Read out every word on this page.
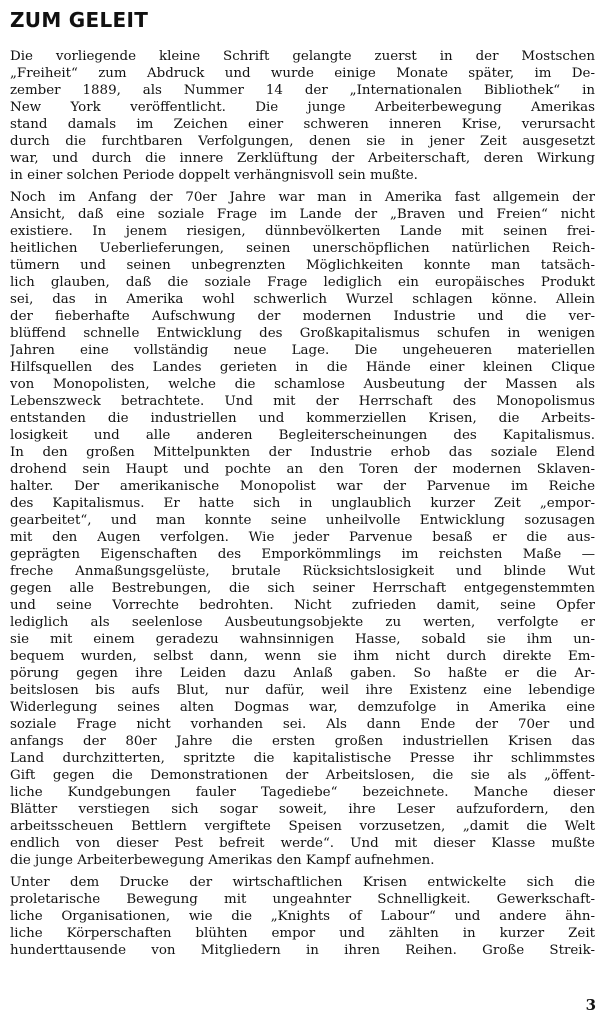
ZUM GELEIT
Die vorliegende kleine Schrift gelangte zuerst in der Mostschen
„Freiheit“ zum Abdruck und wurde einige Monate später, im De-
zember 1889, als Nummer 14 der „Internationalen Bibliothek“ in
New York veröffentlicht. Die junge Arbeiterbewegung Amerikas
stand damals im Zeichen einer schweren inneren Krise, verursacht
durch die furchtbaren Verfolgungen, denen sie in jener Zeit ausgesetzt
war, und durch die innere Zerklüftung der Arbeiterschaft, deren Wirkung
in einer solchen Periode doppelt verhängnisvoll sein mußte.
Noch im Anfang der 70er Jahre war man in Amerika fast allgemein der
Ansicht, daß eine soziale Frage im Lande der „Braven und Freien“ nicht
existiere. In jenem riesigen, dünnbevölkerten Lande mit seinen frei-
heitlichen Ueberlieferungen, seinen unerschöpflichen natürlichen Reich-
tümern und seinen unbegrenzten Möglichkeiten konnte man tatsäch-
lich glauben, daß die soziale Frage lediglich ein europäisches Produkt
sei, das in Amerika wohl schwerlich Wurzel schlagen könne. Allein
der fieberhafte Aufschwung der modernen Industrie und die ver-
blüffend schnelle Entwicklung des Großkapitalismus schufen in wenigen
Jahren eine vollständig neue Lage. Die ungeheueren materiellen
Hilfsquellen des Landes gerieten in die Hände einer kleinen Clique
von Monopolisten, welche die schamlose Ausbeutung der Massen als
Lebenszweck betrachtete. Und mit der Herrschaft des Monopolismus
entstanden die industriellen und kommerziellen Krisen, die Arbeits-
losigkeit und alle anderen Begleiterscheinungen des Kapitalismus.
In den großen Mittelpunkten der Industrie erhob das soziale Elend
drohend sein Haupt und pochte an den Toren der modernen Sklaven-
halter. Der amerikanische Monopolist war der Parvenue im Reiche
des Kapitalismus. Er hatte sich in unglaublich kurzer Zeit „empor-
gearbeitet“, und man konnte seine unheilvolle Entwicklung sozusagen
mit den Augen verfolgen. Wie jeder Parvenue besaß er die aus-
geprägten Eigenschaften des Emporkömmlings im reichsten Maße —
freche Anmaßungsgelüste, brutale Rücksichtslosigkeit und blinde Wut
gegen alle Bestrebungen, die sich seiner Herrschaft entgegenstemmten
und seine Vorrechte bedrohten. Nicht zufrieden damit, seine Opfer
lediglich als seelenlose Ausbeutungsobjekte zu werten, verfolgte er
sie mit einem geradezu wahnsinnigen Hasse, sobald sie ihm un-
bequem wurden, selbst dann, wenn sie ihm nicht durch direkte Em-
pörung gegen ihre Leiden dazu Anlaß gaben. So haßte er die Ar-
beitslosen bis aufs Blut, nur dafür, weil ihre Existenz eine lebendige
Widerlegung seines alten Dogmas war, demzufolge in Amerika eine
soziale Frage nicht vorhanden sei. Als dann Ende der 70er und
anfangs der 80er Jahre die ersten großen industriellen Krisen das
Land durchzitterten, spritzte die kapitalistische Presse ihr schlimmstes
Gift gegen die Demonstrationen der Arbeitslosen, die sie als „öffent-
liche Kundgebungen fauler Tagediebe“ bezeichnete. Manche dieser
Blätter verstiegen sich sogar soweit, ihre Leser aufzufordern, den
arbeitsscheuen Bettlern vergiftete Speisen vorzusetzen, „damit die Welt
endlich von dieser Pest befreit werde“. Und mit dieser Klasse mußte
die junge Arbeiterbewegung Amerikas den Kampf aufnehmen.
Unter dem Drucke der wirtschaftlichen Krisen entwickelte sich die
proletarische Bewegung mit ungeahnter Schnelligkeit. Gewerkschaft-
liche Organisationen, wie die „Knights of Labour“ und andere ähn-
liche Körperschaften blühten empor und zählten in kurzer Zeit
hunderttausende von Mitgliedern in ihren Reihen. Große Streik-
3
